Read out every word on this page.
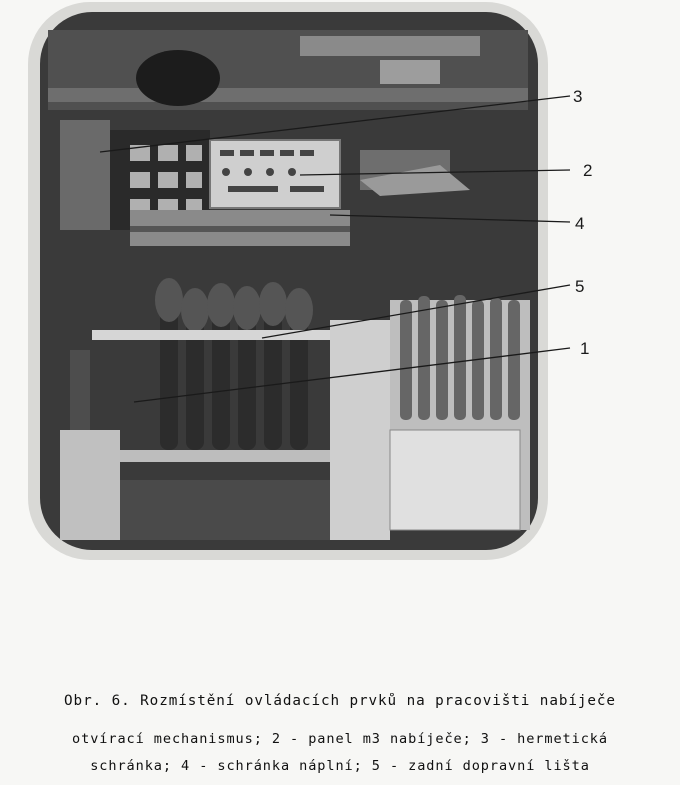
3
2
4
5
1
Obr. 6. Rozmístění ovládacích prvků na pracovišti nabíječe
otvírací mechanismus; 2 - panel m3 nabíječe; 3 - hermetická
schránka; 4 - schránka náplní; 5 - zadní dopravní lišta
